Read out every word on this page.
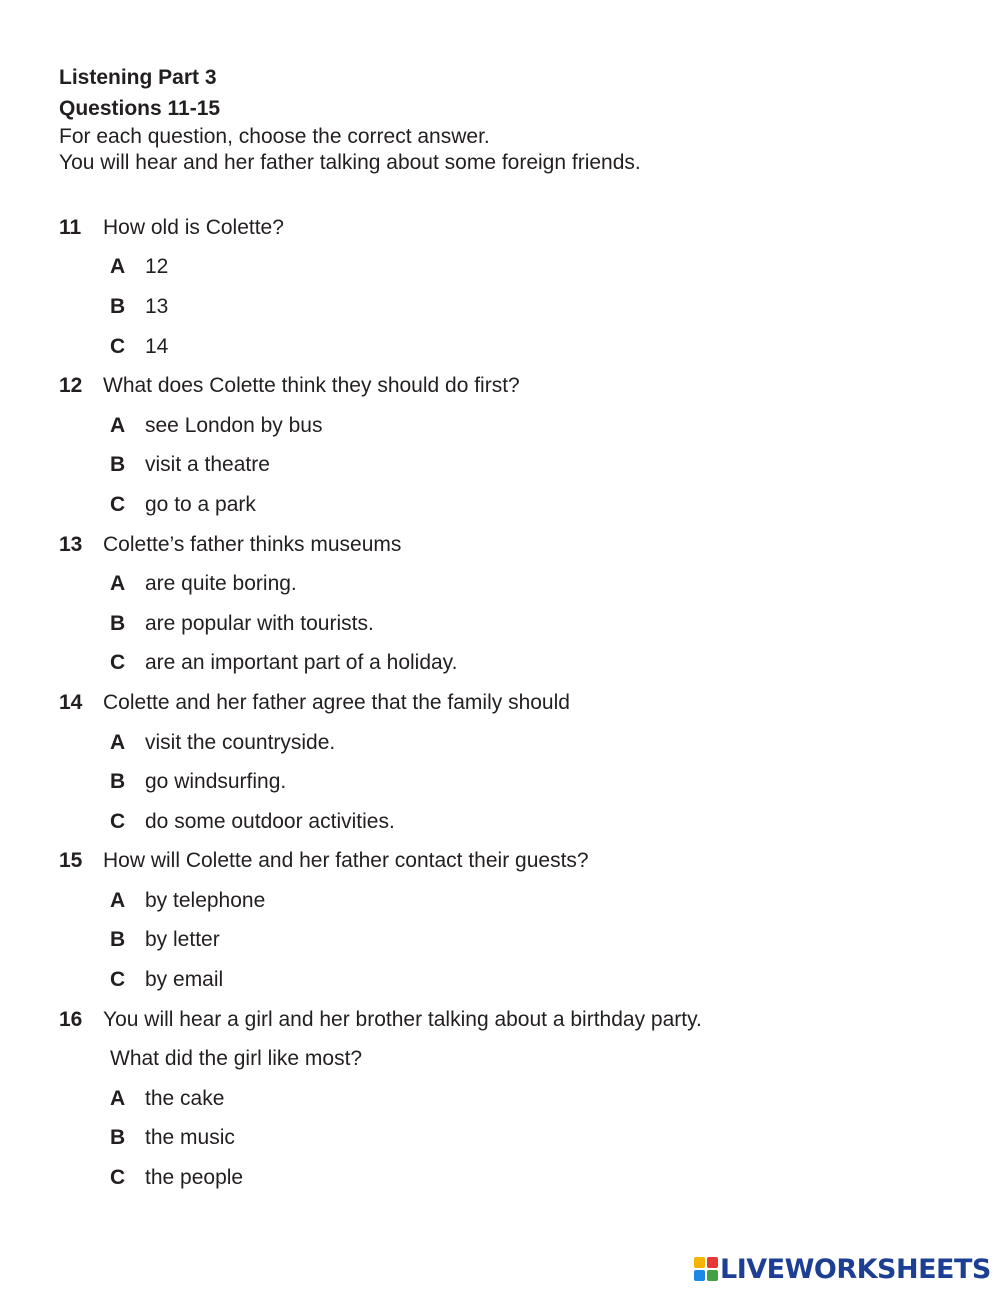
Listening Part 3
Questions 11-15
For each question, choose the correct answer.
You will hear and her father talking about some foreign friends.
11	How old is Colette?
A 12
B 13
C 14
12 What does Colette think they should do first?
A see London by bus
B visit a theatre
C go to a park
13 Colette’s father thinks museums
A are quite boring.
B are popular with tourists.
C are an important part of a holiday.
14 Colette and her father agree that the family should
A visit the countryside.
B go windsurfing.
C do some outdoor activities.
15 How will Colette and her father contact their guests?
A by telephone
B by letter
C by email
16 You will hear a girl and her brother talking about a birthday party.
What did the girl like most?
A the cake
B the music
C the people
LIVEWORKSHEETS
